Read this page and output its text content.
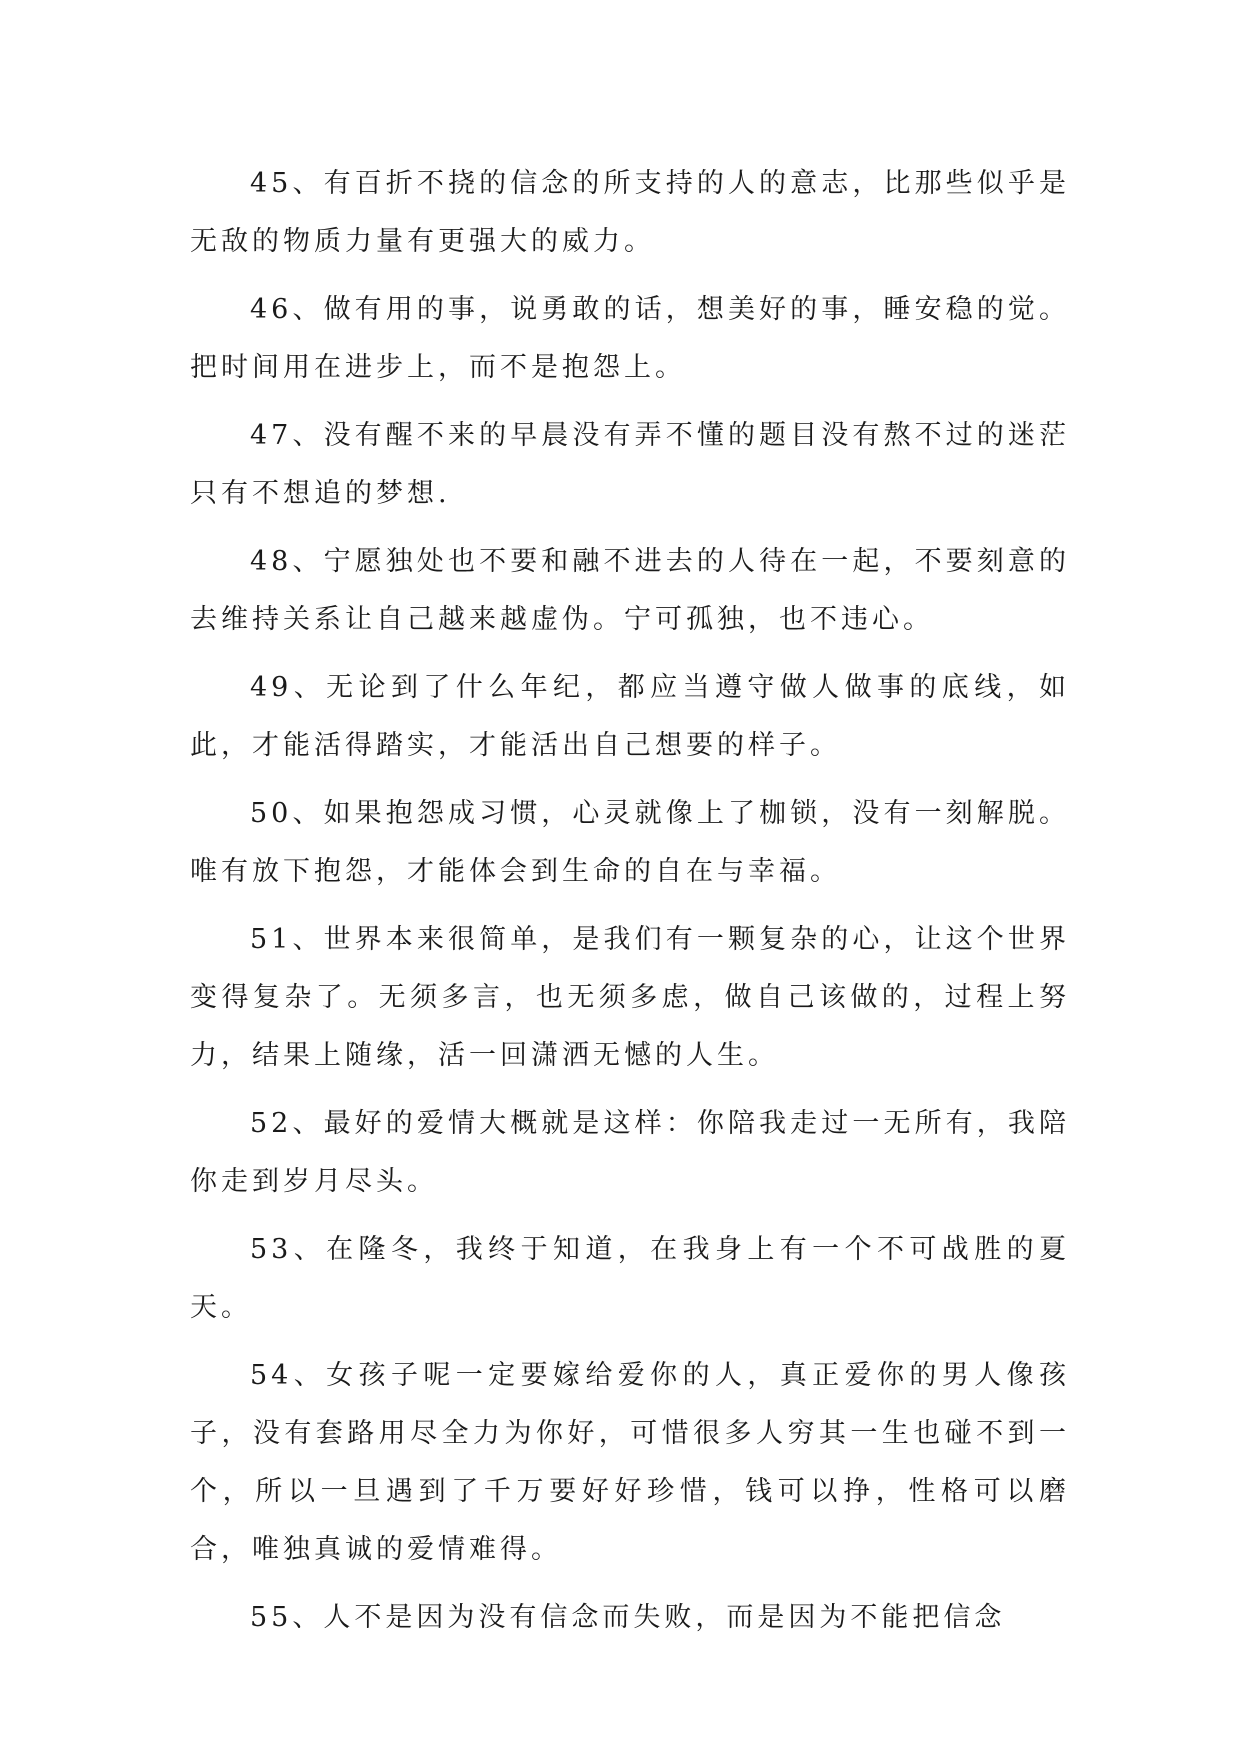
45、有百折不挠的信念的所支持的人的意志，比那些似乎是无敌的物质力量有更强大的威力。

46、做有用的事，说勇敢的话，想美好的事，睡安稳的觉。把时间用在进步上，而不是抱怨上。

47、没有醒不来的早晨没有弄不懂的题目没有熬不过的迷茫只有不想追的梦想.

48、宁愿独处也不要和融不进去的人待在一起，不要刻意的去维持关系让自己越来越虚伪。宁可孤独，也不违心。

49、无论到了什么年纪，都应当遵守做人做事的底线，如此，才能活得踏实，才能活出自己想要的样子。

50、如果抱怨成习惯，心灵就像上了枷锁，没有一刻解脱。唯有放下抱怨，才能体会到生命的自在与幸福。

51、世界本来很简单，是我们有一颗复杂的心，让这个世界变得复杂了。无须多言，也无须多虑，做自己该做的，过程上努力，结果上随缘，活一回潇洒无憾的人生。

52、最好的爱情大概就是这样：你陪我走过一无所有，我陪你走到岁月尽头。

53、在隆冬，我终于知道，在我身上有一个不可战胜的夏天。

54、女孩子呢一定要嫁给爱你的人，真正爱你的男人像孩子，没有套路用尽全力为你好，可惜很多人穷其一生也碰不到一个，所以一旦遇到了千万要好好珍惜，钱可以挣，性格可以磨合，唯独真诚的爱情难得。

55、人不是因为没有信念而失败，而是因为不能把信念
